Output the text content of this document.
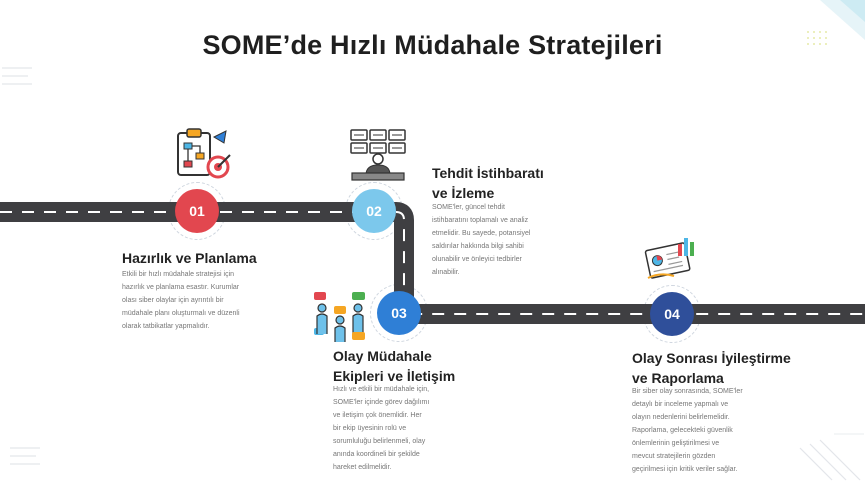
SOME’de Hızlı Müdahale Stratejileri
01
Hazırlık ve Planlama
Etkili bir hızlı müdahale stratejisi için
hazırlık ve planlama esastır. Kurumlar
olası siber olaylar için ayrıntılı bir
müdahale planı oluşturmalı ve düzenli
olarak tatbikatlar yapmalıdır.
02
Tehdit İstihbaratı
ve İzleme
SOME'ler, güncel tehdit
istihbaratını toplamalı ve analiz
etmelidir. Bu sayede, potansiyel
saldırılar hakkında bilgi sahibi
olunabilir ve önleyici tedbirler
alınabilir.
03
Olay Müdahale
Ekipleri ve İletişim
Hızlı ve etkili bir müdahale için,
SOME'ler içinde görev dağılımı
ve iletişim çok önemlidir. Her
bir ekip üyesinin rolü ve
sorumluluğu belirlenmeli, olay
anında koordineli bir şekilde
hareket edilmelidir.
04
Olay Sonrası İyileştirme
ve Raporlama
Bir siber olay sonrasında, SOME'ler
detaylı bir inceleme yapmalı ve
olayın nedenlerini belirlemelidir.
Raporlama, gelecekteki güvenlik
önlemlerinin geliştirilmesi ve
mevcut stratejilerin gözden
geçirilmesi için kritik veriler sağlar.
